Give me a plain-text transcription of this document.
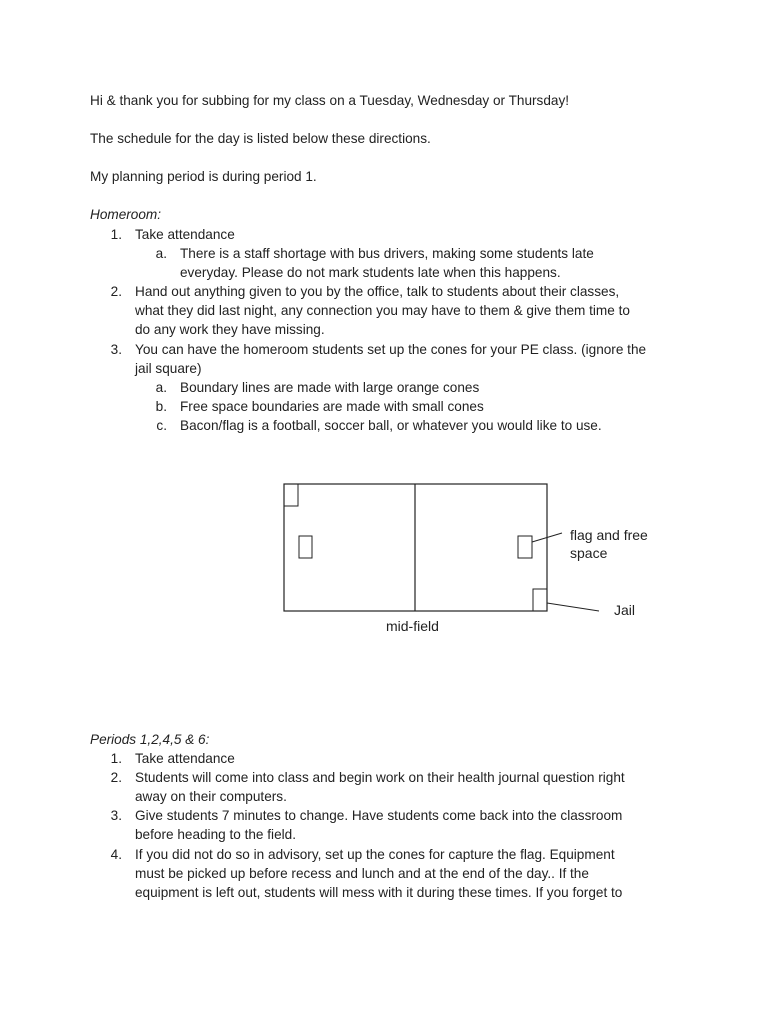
Hi & thank you for subbing for my class on a Tuesday, Wednesday or Thursday!
The schedule for the day is listed below these directions.
My planning period is during period 1.
Homeroom:
1. Take attendance
a. There is a staff shortage with bus drivers, making some students late
everyday. Please do not mark students late when this happens.
2. Hand out anything given to you by the office, talk to students about their classes,
what they did last night, any connection you may have to them & give them time to
do any work they have missing.
3. You can have the homeroom students set up the cones for your PE class. (ignore the
jail square)
a. Boundary lines are made with large orange cones
b. Free space boundaries are made with small cones
c. Bacon/flag is a football, soccer ball, or whatever you would like to use.
flag and free
space
Jail
mid-field
Periods 1,2,4,5 & 6:
1. Take attendance
2. Students will come into class and begin work on their health journal question right
away on their computers.
3. Give students 7 minutes to change. Have students come back into the classroom
before heading to the field.
4. If you did not do so in advisory, set up the cones for capture the flag. Equipment
must be picked up before recess and lunch and at the end of the day.. If the
equipment is left out, students will mess with it during these times. If you forget to
